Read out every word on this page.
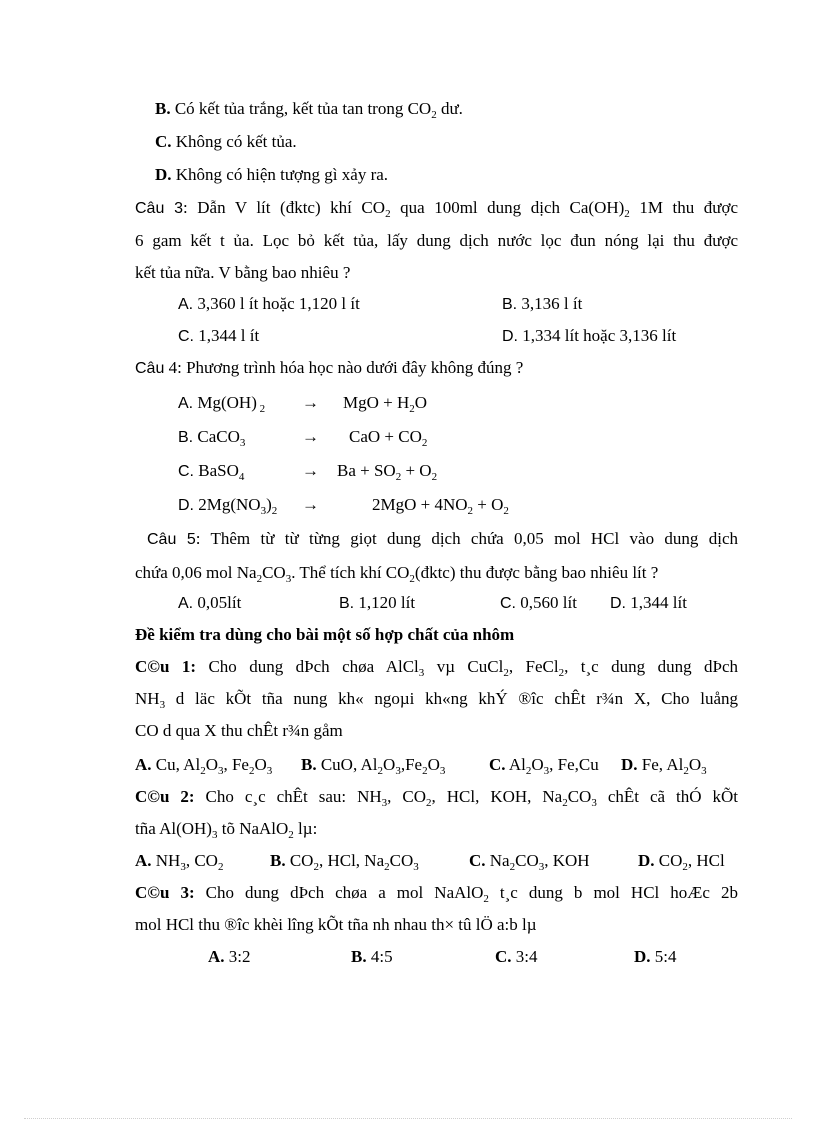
B. Có kết tủa trắng, kết tủa tan trong $CO_2$ dư.
C. Không có kết tủa.
D. Không có hiện tượng gì xảy ra.
Câu 3: Dẫn V lít (đktc) khí $CO_2$ qua 100ml dung dịch $Ca(OH)_2$ 1M thu được
6 gam kết t ủa. Lọc bỏ kết tủa, lấy dung dịch nước lọc đun nóng lại thu được
kết tủa nữa. V bằng bao nhiêu ?
A. 3,360 l ít hoặc 1,120 l ít	B. 3,136 l ít
C. 1,344 l ít	D. 1,334 lít hoặc 3,136 lít
Câu 4: Phương trình hóa học nào dưới đây không đúng ?
A. Mg(OH) $_2$ → MgO + $H_2O$
B. CaCO$_3$	→ CaO + $CO_2$
C. BaSO$_4$	→ $Ba + SO_2 + O_2$
D. $2Mg(NO_3)_2$ →	$2MgO + 4NO_2 + O_2$
Câu 5: Thêm từ từ từng giọt dung dịch chứa 0,05 mol HCl vào dung dịch
chứa 0,06 mol $Na_2CO_3$. Thể tích khí $CO_2(đktc)$ thu được bằng bao nhiêu lít ?
A. 0,05lít	B. 1,120 lít	C. 0,560 lít D. 1,344 lít
Đề kiểm tra dùng cho bài một số hợp chất của nhôm
C©u 1: Cho dung dÞch chøa AlCl$_3$ vµ CuCl$_2$, FeCl$_2$, t¸c dung dung dÞch
$NH_3$ d läc kÕt tña nung kh« ngoµi kh«ng khÝ ®îc chÊt r¾n X, Cho luång
CO d qua X thu chÊt r¾n gåm
A. Cu, $Al_2O_3$, $Fe_2O_3$ B. CuO, $Al_2O_3,Fe_2O_3$	C. $Al_2O_3$, Fe,Cu D. Fe, $Al_2O_3$
C©u 2: Cho c¸c chÊt sau: $NH_3$, $CO_2$, HCl, KOH, $Na_2CO_3$ chÊt cã thÓ kÕt
tña $Al(OH)_3$ tõ NaAlO$_2$ lµ:
A. $NH_3$, $CO_2$	B. $CO_2$, HCl, $Na_2CO_3$	C. $Na_2CO_3$, KOH	D. $CO_2$, HCl
C©u 3: Cho dung dÞch chøa a mol NaAlO$_2$ t¸c dung b mol HCl hoÆc 2b
mol HCl thu ®îc khèi lîng kÕt tña nh nhau th× tû lÖ a:b lµ
A. 3:2	B. 4:5	C. 3:4	D. 5:4
